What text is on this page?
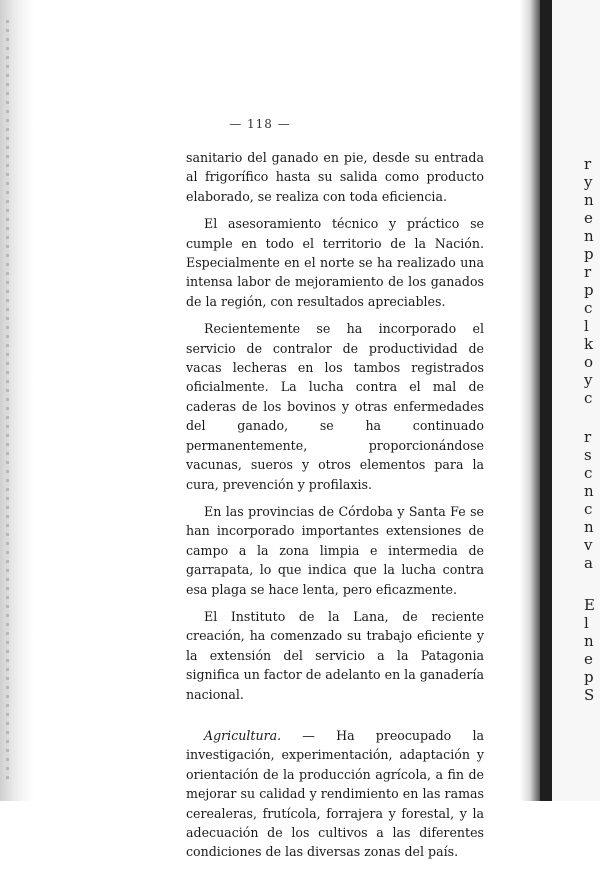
r
y
n
e
n
p
r
p
c
l
k
o
y
c
r
s
c
n
c
n
v
a
E
l
n
e
p
S
— 118 —

sanitario del ganado en pie, desde su entrada al frigorífico hasta su salida como producto elaborado, se realiza con toda eficiencia.

El asesoramiento técnico y práctico se cumple en todo el territorio de la Nación. Especialmente en el norte se ha realizado una intensa labor de mejoramiento de los ganados de la región, con resultados apreciables.

Recientemente se ha incorporado el servicio de contralor de productividad de vacas lecheras en los tambos registrados oficialmente. La lucha contra el mal de caderas de los bovinos y otras enfermedades del ganado, se ha continuado permanentemente, proporcionándose vacunas, sueros y otros elementos para la cura, prevención y profilaxis.

En las provincias de Córdoba y Santa Fe se han incorporado importantes extensiones de campo a la zona limpia e intermedia de garrapata, lo que indica que la lucha contra esa plaga se hace lenta, pero eficazmente.

El Instituto de la Lana, de reciente creación, ha comenzado su trabajo eficiente y la extensión del servicio a la Patagonia significa un factor de adelanto en la ganadería nacional.

Agricultura. — Ha preocupado la investigación, experimentación, adaptación y orientación de la producción agrícola, a fin de mejorar su calidad y rendimiento en las ramas cerealeras, frutícola, forrajera y forestal, y la adecuación de los cultivos a las diferentes condiciones de las diversas zonas del país.
